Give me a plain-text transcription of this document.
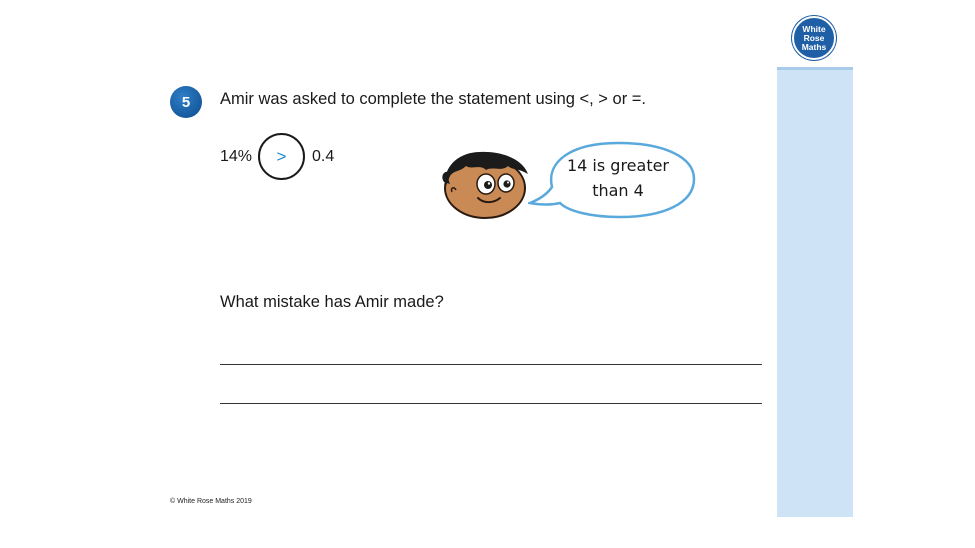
White
Rose
Maths
5	Amir was asked to complete the statement using <, > or =.
14% > 0.4	14 is greater
than 4
What mistake has Amir made?
© White Rose Maths 2019
